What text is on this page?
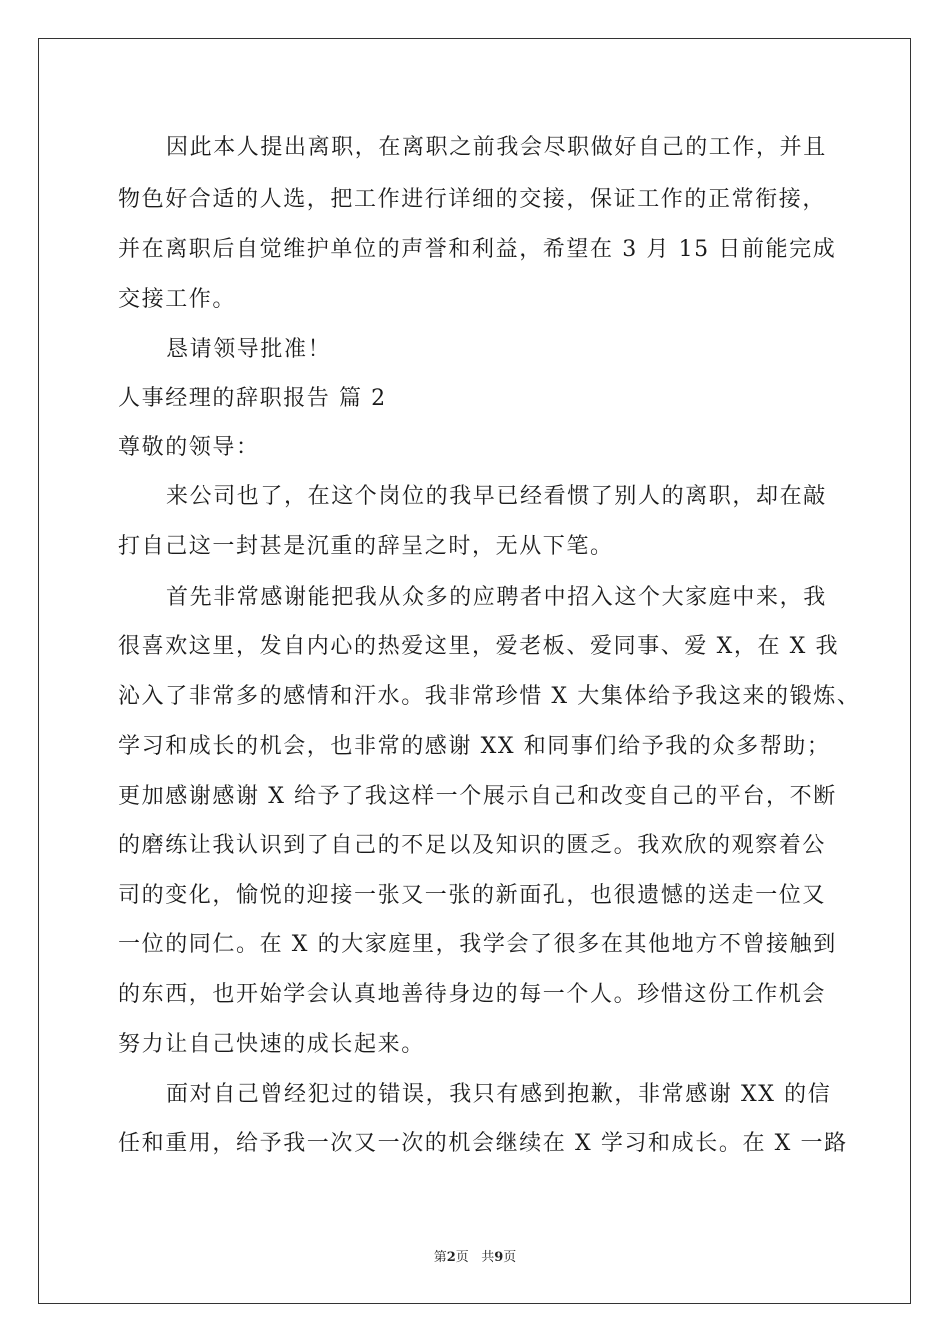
因此本人提出离职，在离职之前我会尽职做好自己的工作，并且
物色好合适的人选，把工作进行详细的交接，保证工作的正常衔接，
并在离职后自觉维护单位的声誉和利益，希望在 3 月 15 日前能完成
交接工作。
恳请领导批准！
人事经理的辞职报告 篇 2
尊敬的领导：
来公司也了，在这个岗位的我早已经看惯了别人的离职，却在敲
打自己这一封甚是沉重的辞呈之时，无从下笔。
首先非常感谢能把我从众多的应聘者中招入这个大家庭中来，我
很喜欢这里，发自内心的热爱这里，爱老板、爱同事、爱 X，在 X 我
沁入了非常多的感情和汗水。我非常珍惜 X 大集体给予我这来的锻炼、
学习和成长的机会，也非常的感谢 XX 和同事们给予我的众多帮助；
更加感谢感谢 X 给予了我这样一个展示自己和改变自己的平台，不断
的磨练让我认识到了自己的不足以及知识的匮乏。我欢欣的观察着公
司的变化，愉悦的迎接一张又一张的新面孔，也很遗憾的送走一位又
一位的同仁。在 X 的大家庭里，我学会了很多在其他地方不曾接触到
的东西，也开始学会认真地善待身边的每一个人。珍惜这份工作机会
努力让自己快速的成长起来。
面对自己曾经犯过的错误，我只有感到抱歉，非常感谢 XX 的信
任和重用，给予我一次又一次的机会继续在 X 学习和成长。在 X 一路
第2页 共9页
